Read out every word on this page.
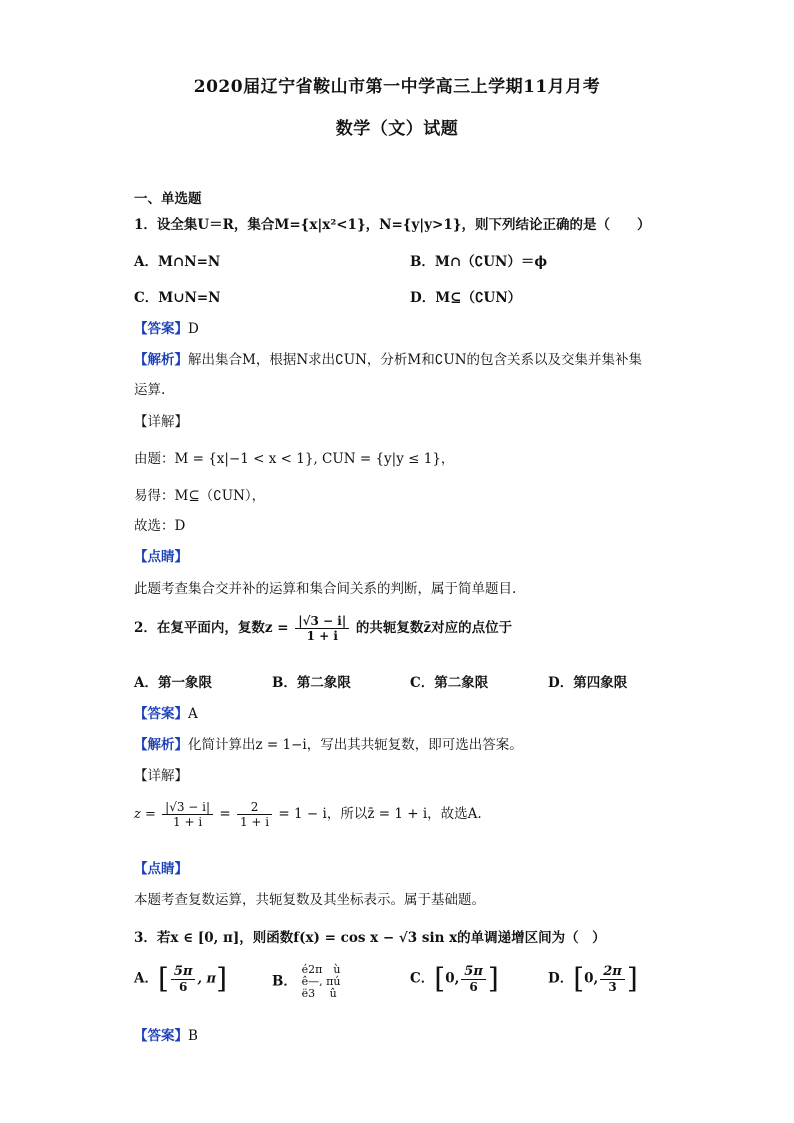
2020届辽宁省鞍山市第一中学高三上学期11月月考
数学（文）试题
一、单选题
1．设全集U＝R，集合M={x|x²<1}，N={y|y>1}，则下列结论正确的是（　　）
A．M∩N=N	B．M∩（∁UN）＝ϕ
C．M∪N=N	D．M⊆（∁UN）
【答案】D
【解析】解出集合M，根据N求出∁UN，分析M和∁UN的包含关系以及交集并集补集
运算.
【详解】
由题：M = {x|−1 < x < 1}, CUN = {y|y ≤ 1}，
易得：M⊆（∁UN），
故选：D
【点睛】
此题考查集合交并补的运算和集合间关系的判断，属于简单题目.
2．在复平面内，复数$z = \frac{|√3 - i|}{1 + i}$ 的共轭复数z̄对应的点位于
A．第一象限	B．第二象限	C．第二象限	D．第四象限
【答案】A
【解析】化简计算出z = 1−i，写出其共轭复数，即可选出答案。
【详解】
$z = \frac{|√3 - i|}{1 + i} = \frac{2}{1 + i} = 1 - i$，所以z̄ = 1 + i，故选A.
【点睛】
本题考查复数运算，共轭复数及其坐标表示。属于基础题。
3．若x ∈ [0, π]，则函数f(x) = cos x − √3 sin x的单调递增区间为（　）
A．[ $\frac{5\pi}{6}$ , π]	B．
é2π　ù
ê—, πú
ë3　 û
C．[0, $\frac{5\pi}{6}$ ]	D．[0, $\frac{2\pi}{3}$ ]
【答案】B
